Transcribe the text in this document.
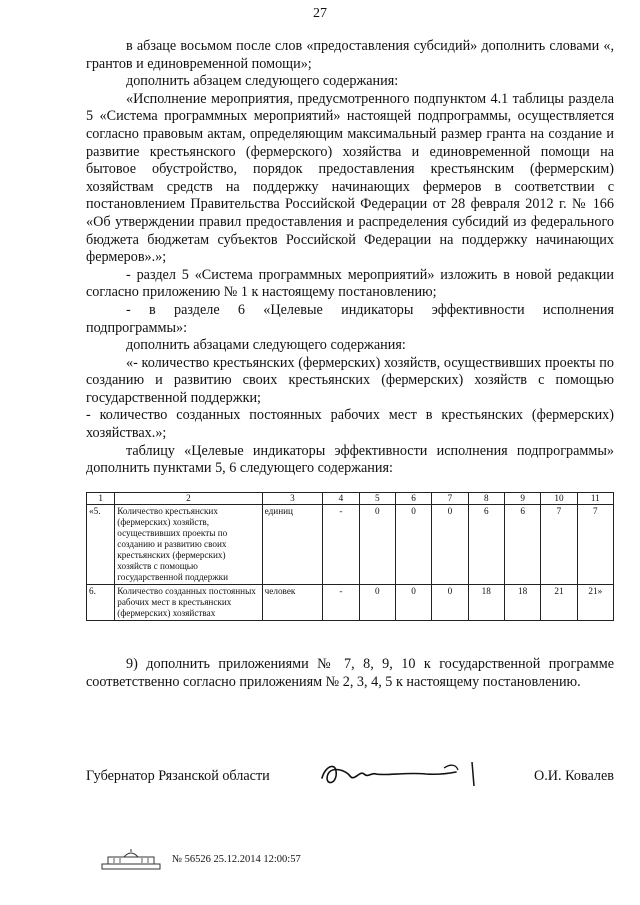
27

в абзаце восьмом после слов «предоставления субсидий» дополнить словами «, грантов и единовременной помощи»;

дополнить абзацем следующего содержания:

«Исполнение мероприятия, предусмотренного подпунктом 4.1 таблицы раздела 5 «Система программных мероприятий» настоящей подпрограммы, осуществляется согласно правовым актам, определяющим максимальный размер гранта на создание и развитие крестьянского (фермерского) хозяйства и единовременной помощи на бытовое обустройство, порядок предоставления крестьянским (фермерским) хозяйствам средств на поддержку начинающих фермеров в соответствии с постановлением Правительства Российской Федерации от 28 февраля 2012 г. № 166 «Об утверждении правил предоставления и распределения субсидий из федерального бюджета бюджетам субъектов Российской Федерации на поддержку начинающих фермеров».»;

- раздел 5 «Система программных мероприятий» изложить в новой редакции согласно приложению № 1 к настоящему постановлению;

- в разделе 6 «Целевые индикаторы эффективности исполнения подпрограммы»:

дополнить абзацами следующего содержания:

«- количество крестьянских (фермерских) хозяйств, осуществивших проекты по созданию и развитию своих крестьянских (фермерских) хозяйств с помощью государственной поддержки;

- количество созданных постоянных рабочих мест в крестьянских (фермерских) хозяйствах.»;

таблицу «Целевые индикаторы эффективности исполнения подпрограммы» дополнить пунктами 5, 6 следующего содержания:

1	2	3	4	5	6	7	8	9	10	11
«5.	Количество крестьянских (фермерских) хозяйств, осуществивших проекты по созданию и развитию своих крестьянских (фермерских) хозяйств с помощью государственной поддержки	единиц	-	0	0	0	6	6	7	7
6.	Количество созданных постоянных рабочих мест в крестьянских (фермерских) хозяйствах	человек	-	0	0	0	18	18	21	21»

9) дополнить приложениями № 7, 8, 9, 10 к государственной программе соответственно согласно приложениям № 2, 3, 4, 5 к настоящему постановлению.

Губернатор Рязанской области	О.И. Ковалев
№ 56526 25.12.2014 12:00:57
